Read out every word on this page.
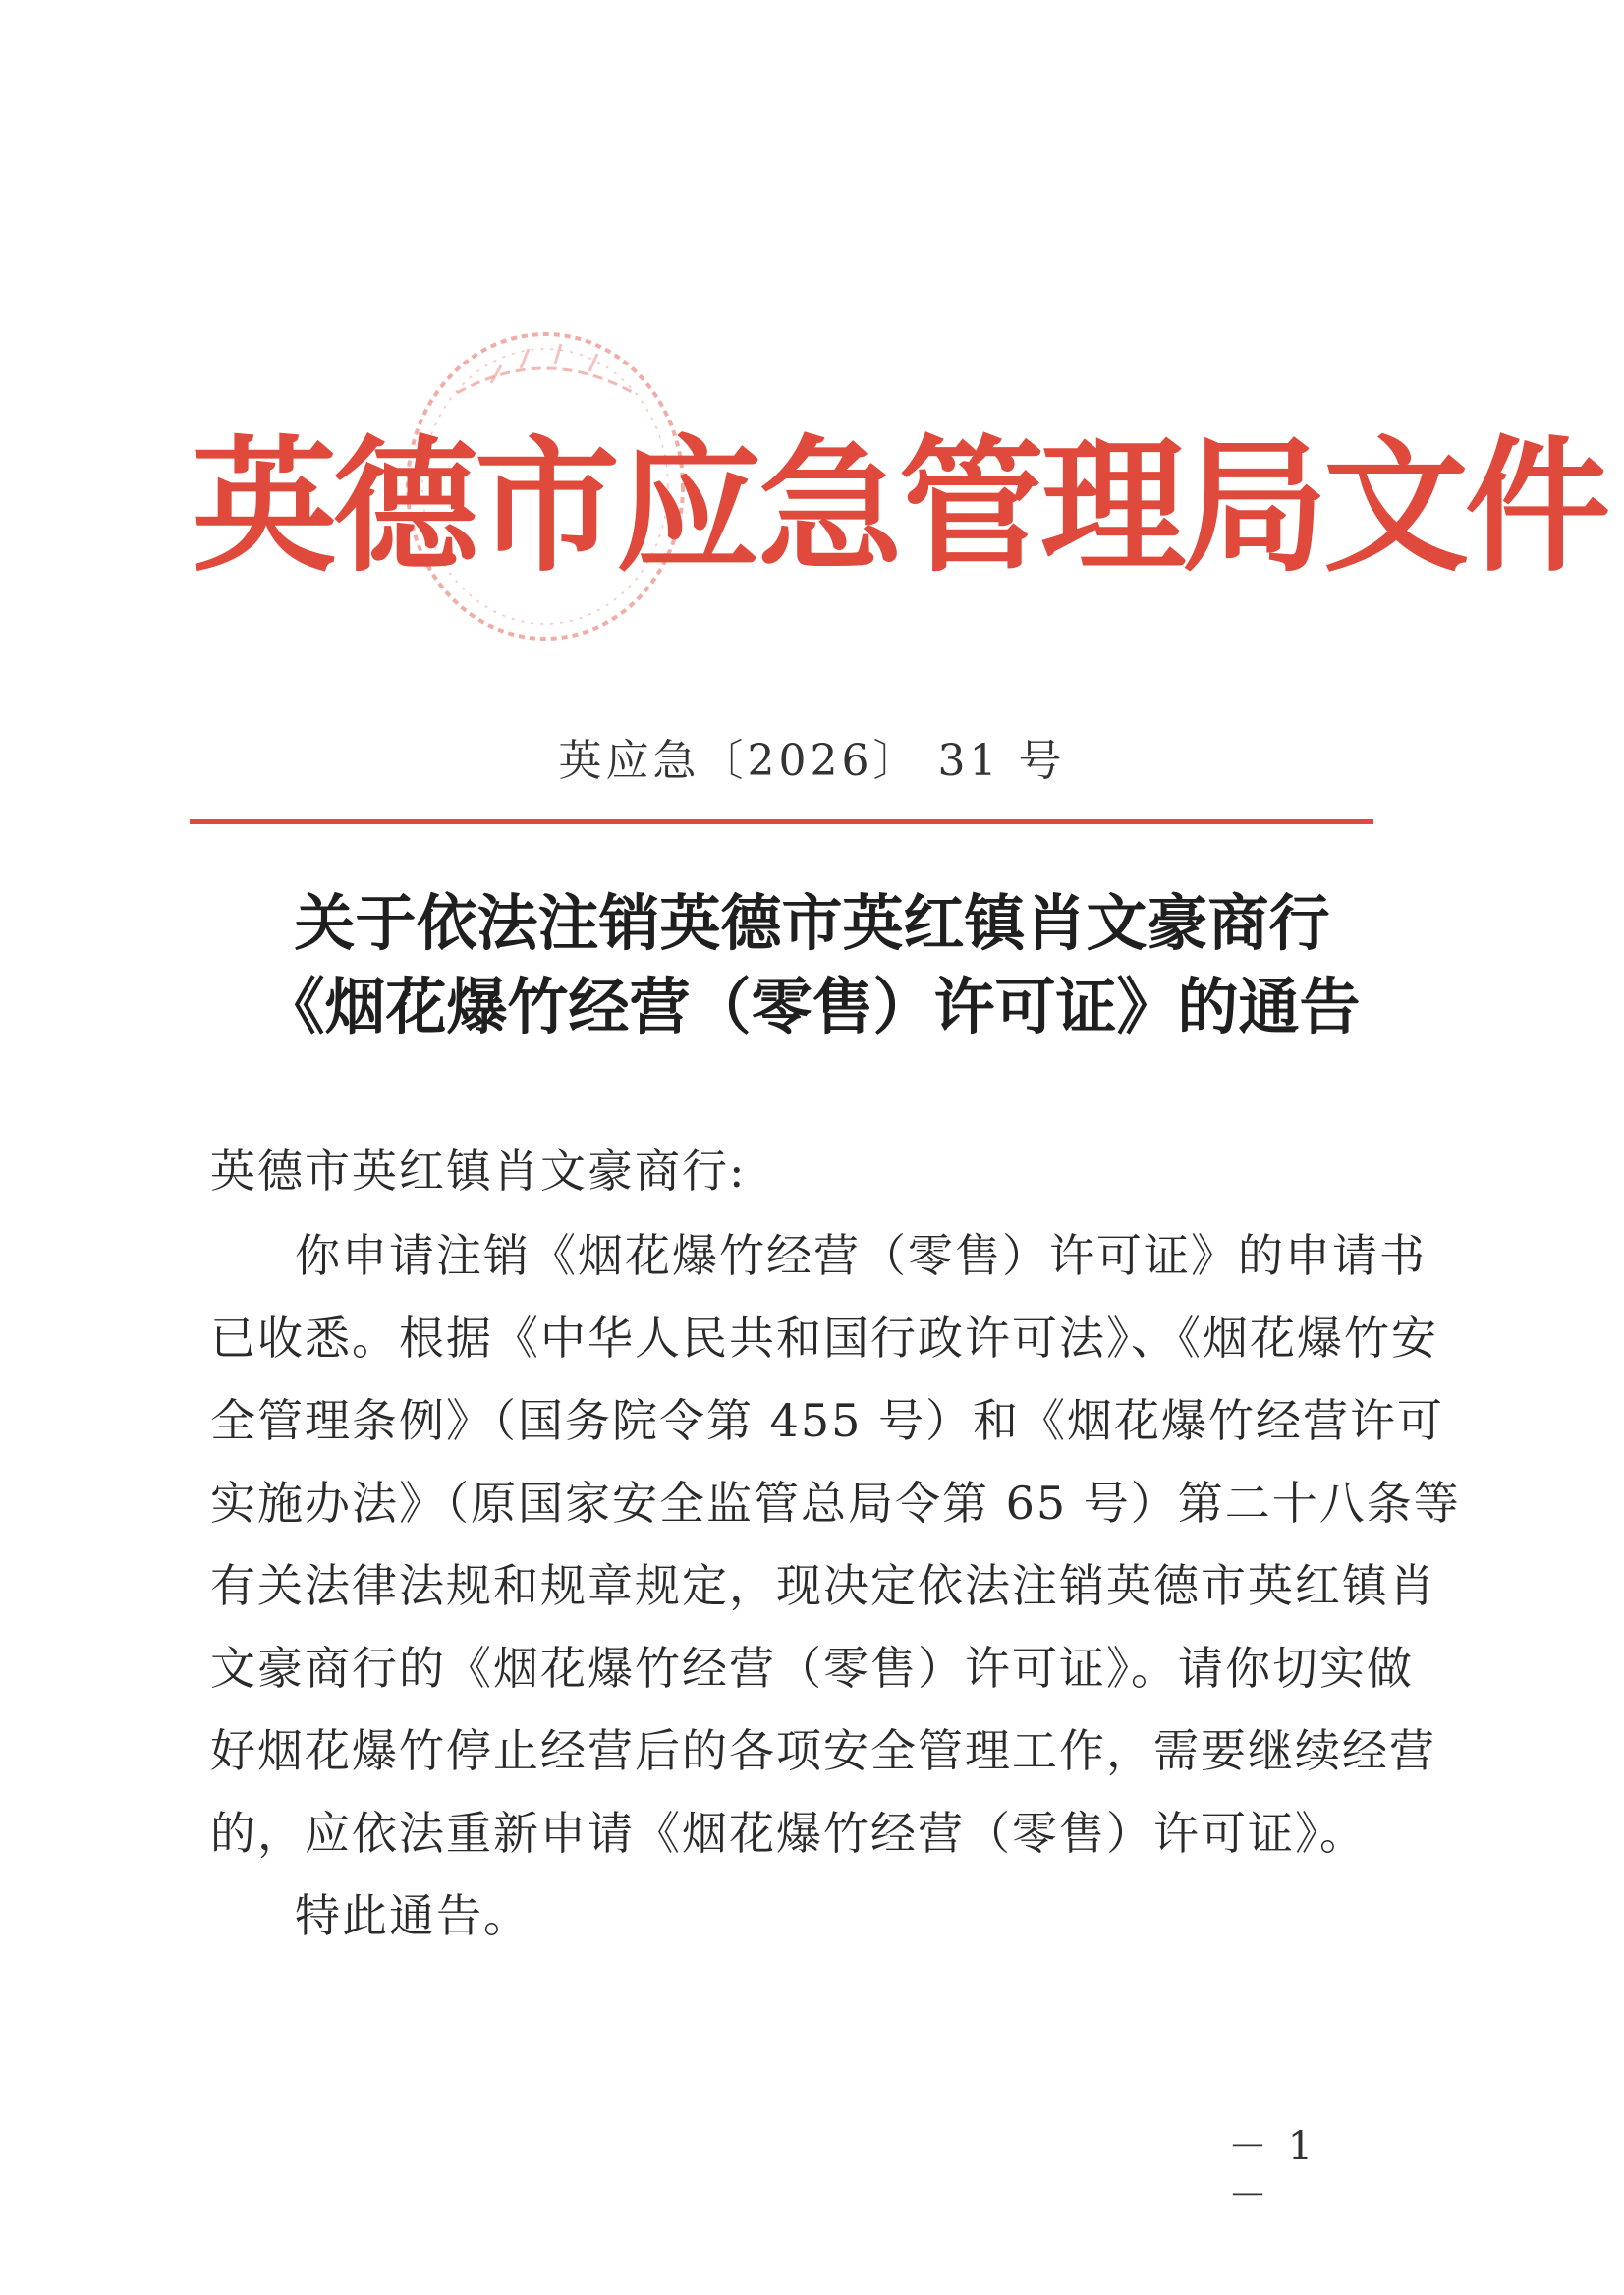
英德市应急管理局文件
英应急〔2026〕 31 号
关于依法注销英德市英红镇肖文豪商行
《烟花爆竹经营（零售）许可证》的通告
英德市英红镇肖文豪商行:
你申请注销《烟花爆竹经营（零售）许可证》的申请书
已收悉。根据《中华人民共和国行政许可法》、《烟花爆竹安
全管理条例》（国务院令第 455 号）和《烟花爆竹经营许可
实施办法》（原国家安全监管总局令第 65 号）第二十八条等
有关法律法规和规章规定，现决定依法注销英德市英红镇肖
文豪商行的《烟花爆竹经营（零售）许可证》。请你切实做
好烟花爆竹停止经营后的各项安全管理工作，需要继续经营
的，应依法重新申请《烟花爆竹经营（零售）许可证》。
特此通告。
－ 1 －
